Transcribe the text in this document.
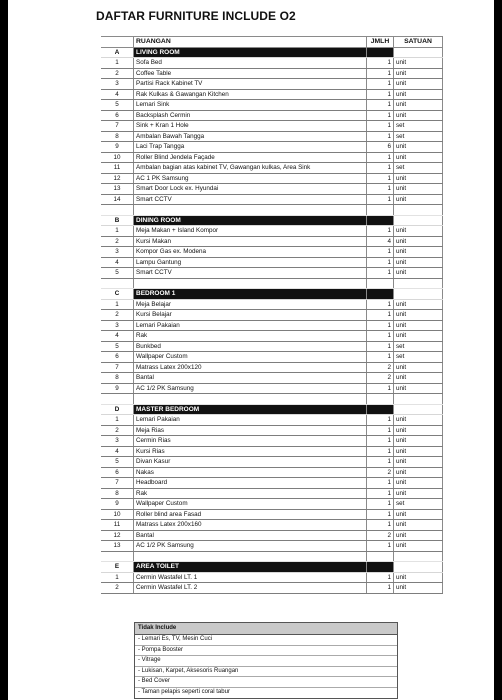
DAFTAR FURNITURE INCLUDE O2
	RUANGAN	JMLH	SATUAN
A	LIVING ROOM		
1	Sofa Bed	1	unit
2	Coffee Table	1	unit
3	Partisi Rack Kabinet TV	1	unit
4	Rak Kulkas & Gawangan Kitchen	1	unit
5	Lemari Sink	1	unit
6	Backsplash Cermin	1	unit
7	Sink + Kran 1 Hole	1	set
8	Ambalan Bawah Tangga	1	set
9	Laci Trap Tangga	6	unit
10	Roller Blind Jendela Façade	1	unit
11	Ambalan bagian atas kabinet TV, Gawangan kulkas, Area Sink	1	set
12	AC 1 PK Samsung	1	unit
13	Smart Door Lock ex. Hyundai	1	unit
14	Smart CCTV	1	unit

B	DINING ROOM		
1	Meja Makan + Island Kompor	1	unit
2	Kursi Makan	4	unit
3	Kompor Gas ex. Modena	1	unit
4	Lampu Gantung	1	unit
5	Smart CCTV	1	unit

C	BEDROOM 1		
1	Meja Belajar	1	unit
2	Kursi Belajar	1	unit
3	Lemari Pakaian	1	unit
4	Rak	1	unit
5	Bunkbed	1	set
6	Wallpaper Custom	1	set
7	Matrass Latex 200x120	2	unit
8	Bantal	2	unit
9	AC 1/2 PK Samsung	1	unit

D	MASTER BEDROOM		
1	Lemari Pakaian	1	unit
2	Meja Rias	1	unit
3	Cermin Rias	1	unit
4	Kursi Rias	1	unit
5	Divan Kasur	1	unit
6	Nakas	2	unit
7	Headboard	1	unit
8	Rak	1	unit
9	Wallpaper Custom	1	set
10	Roller blind area Fasad	1	unit
11	Matrass Latex 200x160	1	unit
12	Bantal	2	unit
13	AC 1/2 PK Samsung	1	unit

E	AREA TOILET		
1	Cermin Wastafel LT. 1	1	unit
2	Cermin Wastafel LT. 2	1	unit
Tidak Include
- Lemari Es, TV, Mesin Cuci
- Pompa Booster
- Vitrage
- Lukisan, Karpet, Aksesoris Ruangan
- Bed Cover
- Taman pelapis seperti coral tabur
